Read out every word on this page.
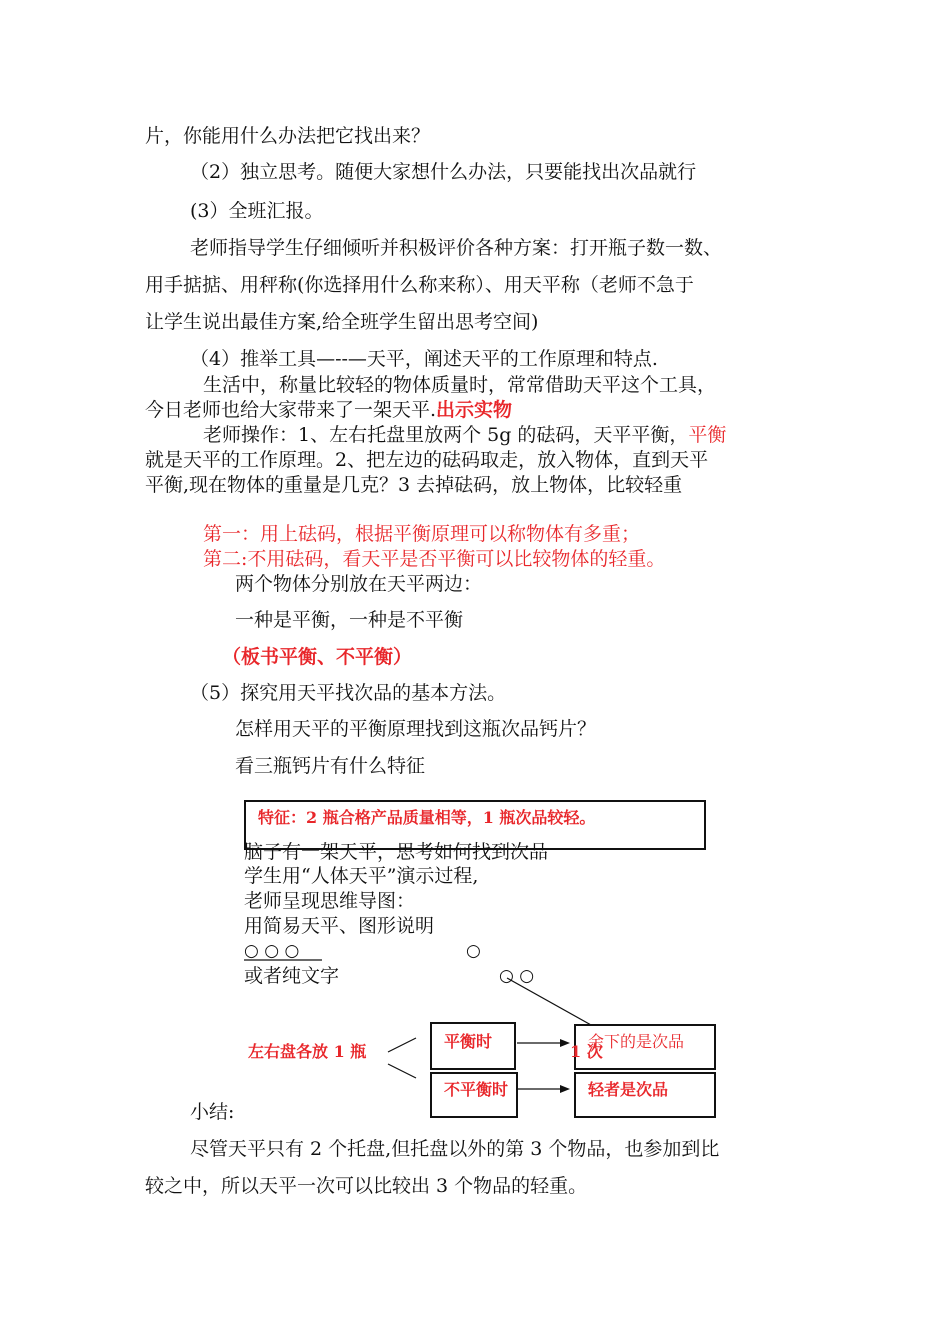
片，你能用什么办法把它找出来？
（2）独立思考。随便大家想什么办法，只要能找出次品就行
(3）全班汇报。
老师指导学生仔细倾听并积极评价各种方案：打开瓶子数一数、
用手掂掂、用秤称(你选择用什么称来称）、用天平称（老师不急于
让学生说出最佳方案,给全班学生留出思考空间)
（4）推举工具—--—天平，阐述天平的工作原理和特点.
生活中，称量比较轻的物体质量时，常常借助天平这个工具，
今日老师也给大家带来了一架天平.出示实物
老师操作：1、左右托盘里放两个 5g 的砝码，天平平衡，平衡
就是天平的工作原理。2、把左边的砝码取走，放入物体，直到天平
平衡,现在物体的重量是几克？3 去掉砝码，放上物体，比较轻重
第一：用上砝码，根据平衡原理可以称物体有多重；
第二:不用砝码，看天平是否平衡可以比较物体的轻重。
两个物体分别放在天平两边：
一种是平衡，一种是不平衡
（板书平衡、不平衡）
（5）探究用天平找次品的基本方法。
怎样用天平的平衡原理找到这瓶次品钙片？
看三瓶钙片有什么特征
特征：2 瓶合格产品质量相等，1 瓶次品较轻。
脑子有一架天平，思考如何找到次品
学生用“人体天平”演示过程,
老师呈现思维导图：
用简易天平、图形说明
○ ○ ○	○
或者纯文字	○ ○
左右盘各放 1 瓶
平衡时
不平衡时
余下的是次品
1 次
轻者是次品
小结:
尽管天平只有 2 个托盘,但托盘以外的第 3 个物品，也参加到比
较之中，所以天平一次可以比较出 3 个物品的轻重。
